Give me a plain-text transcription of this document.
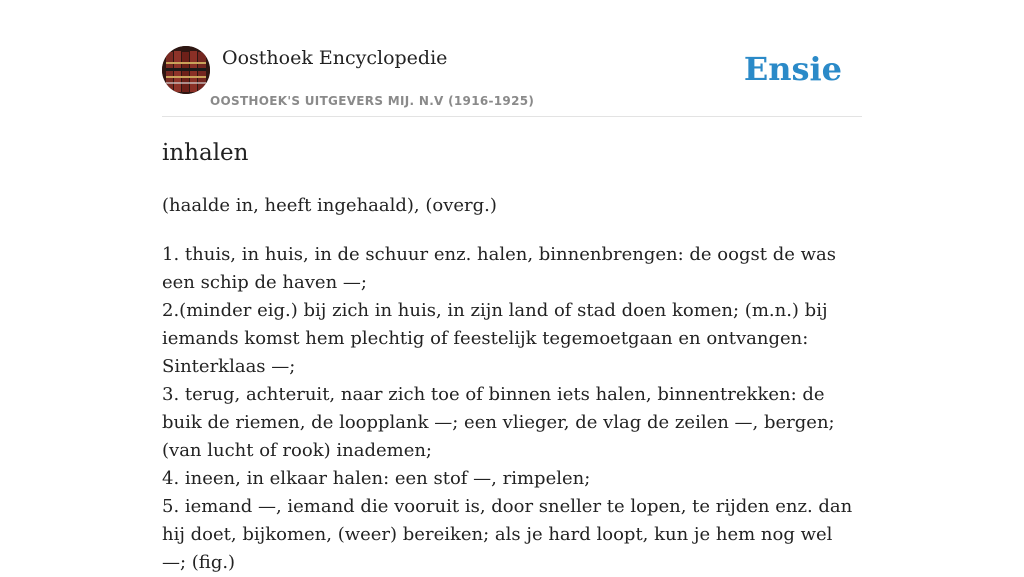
Oosthoek Encyclopedie
OOSTHOEK'S UITGEVERS MIJ. N.V (1916-1925)
Ensie
inhalen
(haalde in, heeft ingehaald), (overg.)
1. thuis, in huis, in de schuur enz. halen, binnenbrengen: de oogst de was een schip de haven —;
2.(minder eig.) bij zich in huis, in zijn land of stad doen komen; (m.n.) bij iemands komst hem plechtig of feestelijk tegemoetgaan en ontvangen: Sinterklaas —;
3. terug, achteruit, naar zich toe of binnen iets halen, binnentrekken: de buik de riemen, de loopplank —; een vlieger, de vlag de zeilen —, bergen; (van lucht of rook) inademen;
4. ineen, in elkaar halen: een stof —, rimpelen;
5. iemand —, iemand die vooruit is, door sneller te lopen, te rijden enz. dan hij doet, bijkomen, (weer) bereiken; als je hard loopt, kun je hem nog wel —; (fig.)
